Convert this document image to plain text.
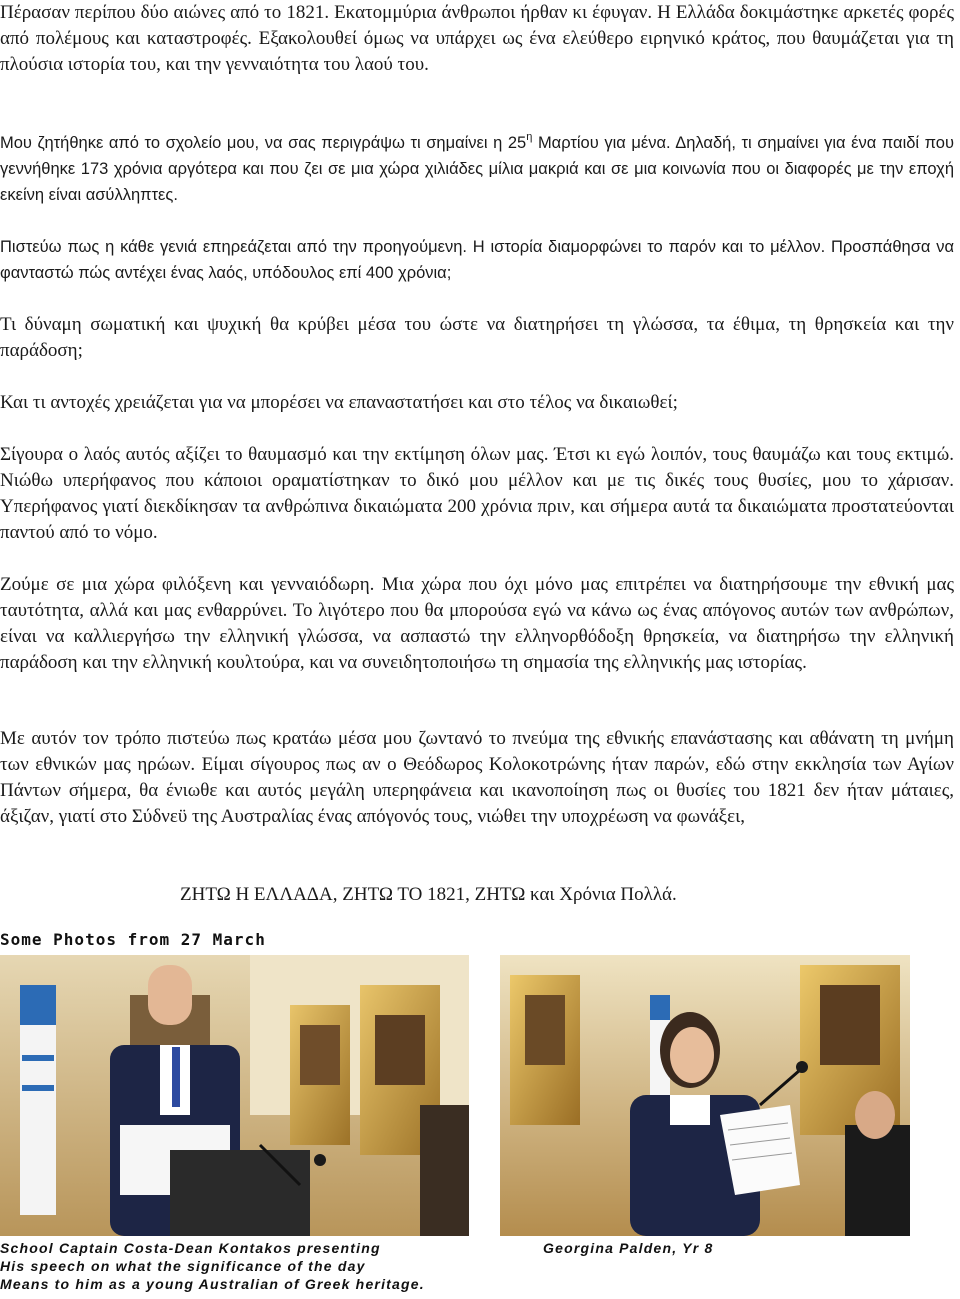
Πέρασαν περίπου δύο αιώνες από το 1821. Εκατομμύρια άνθρωποι ήρθαν κι έφυγαν. Η Ελλάδα δοκιμάστηκε αρκετές φορές από πολέμους και καταστροφές. Εξακολουθεί όμως να υπάρχει ως ένα ελεύθερο ειρηνικό κράτος, που θαυμάζεται για τη πλούσια ιστορία του, και την γενναιότητα του λαού του.

Μου ζητήθηκε από το σχολείο μου, να σας περιγράψω τι σημαίνει η $25^\eta$ Μαρτίου για μένα. Δηλαδή, τι σημαίνει για ένα παιδί που γεννήθηκε 173 χρόνια αργότερα και που ζει σε μια χώρα χιλιάδες μίλια μακριά και σε μια κοινωνία που οι διαφορές με την εποχή εκείνη είναι ασύλληπτες.

Πιστεύω πως η κάθε γενιά επηρεάζεται από την προηγούμενη. Η ιστορία διαμορφώνει το παρόν και το μέλλον. Προσπάθησα να φανταστώ πώς αντέχει ένας λαός, υπόδουλος επί 400 χρόνια;

Τι δύναμη σωματική και ψυχική θα κρύβει μέσα του ώστε να διατηρήσει τη γλώσσα, τα έθιμα, τη θρησκεία και την παράδοση;

Και τι αντοχές χρειάζεται για να μπορέσει να επαναστατήσει και στο τέλος να δικαιωθεί;

Σίγουρα ο λαός αυτός αξίζει το θαυμασμό και την εκτίμηση όλων μας. Έτσι κι εγώ λοιπόν, τους θαυμάζω και τους εκτιμώ. Νιώθω υπερήφανος που κάποιοι οραματίστηκαν το δικό μου μέλλον και με τις δικές τους θυσίες, μου το χάρισαν. Υπερήφανος γιατί διεκδίκησαν τα ανθρώπινα δικαιώματα 200 χρόνια πριν, και σήμερα αυτά τα δικαιώματα προστατεύονται παντού από το νόμο.

Ζούμε σε μια χώρα φιλόξενη και γενναιόδωρη. Μια χώρα που όχι μόνο μας επιτρέπει να διατηρήσουμε την εθνική μας ταυτότητα, αλλά και μας ενθαρρύνει. Το λιγότερο που θα μπορούσα εγώ να κάνω ως ένας απόγονος αυτών των ανθρώπων, είναι να καλλιεργήσω την ελληνική γλώσσα, να ασπαστώ την ελληνορθόδοξη θρησκεία, να διατηρήσω την ελληνική παράδοση και την ελληνική κουλτούρα, και να συνειδητοποιήσω τη σημασία της ελληνικής μας ιστορίας.

Με αυτόν τον τρόπο πιστεύω πως κρατάω μέσα μου ζωντανό το πνεύμα της εθνικής επανάστασης και αθάνατη τη μνήμη των εθνικών μας ηρώων. Είμαι σίγουρος πως αν ο Θεόδωρος Κολοκοτρώνης ήταν παρών, εδώ στην εκκλησία των Αγίων Πάντων σήμερα, θα ένιωθε και αυτός μεγάλη υπερηφάνεια και ικανοποίηση πως οι θυσίες του 1821 δεν ήταν μάταιες, άξιζαν, γιατί στο Σύδνεϋ της Αυστραλίας ένας απόγονός τους, νιώθει την υποχρέωση να φωνάξει,

ΖΗΤΩ Η ΕΛΛΑΔΑ, ΖΗΤΩ ΤΟ 1821, ΖΗΤΩ και Χρόνια Πολλά.

Some Photos from 27 March

School Captain Costa-Dean Kontakos presenting

His speech on what the significance of the day

Means to him as a young Australian of Greek heritage.

Georgina Palden, Yr 8
